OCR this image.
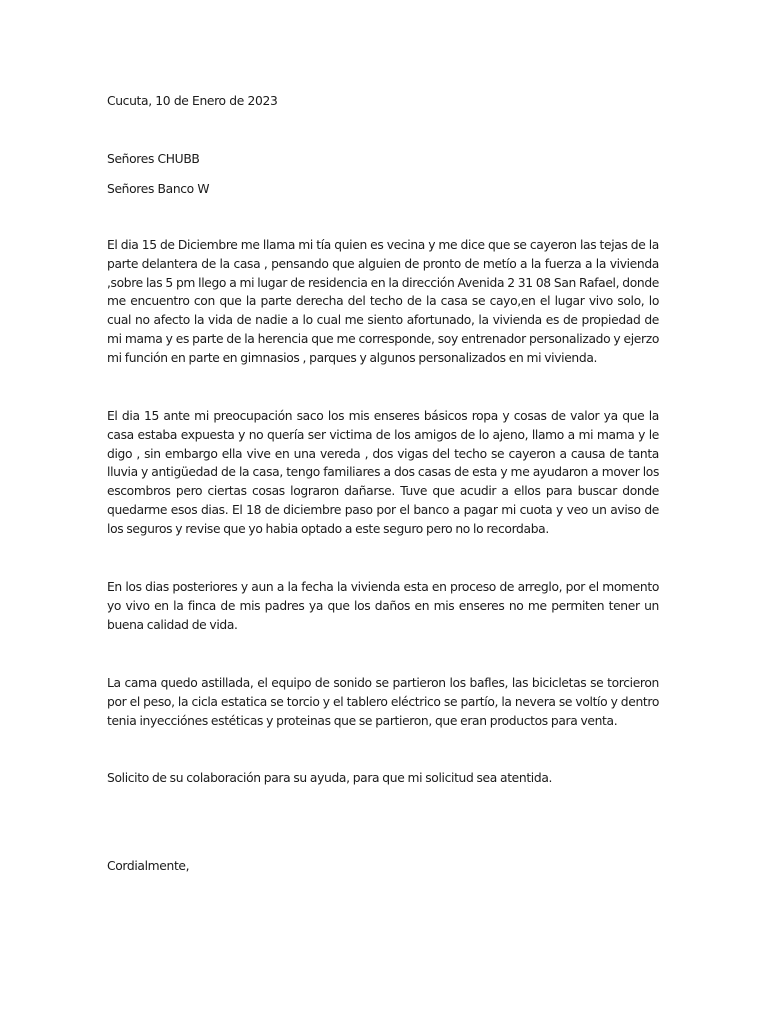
Cucuta, 10 de Enero de 2023
Señores CHUBB
Señores Banco W

El dia 15 de Diciembre me llama mi tía quien es vecina y me dice que se cayeron las tejas de la parte delantera de la casa , pensando que alguien de pronto de metío a la fuerza a la vivienda ,sobre las 5 pm llego a mi lugar de residencia en la dirección Avenida 2 31 08 San Rafael, donde me encuentro con que la parte derecha del techo de la casa se cayo,en el lugar vivo solo, lo cual no afecto la vida de nadie a lo cual me siento afortunado, la vivienda es de propiedad de mi mama y es parte de la herencia que me corresponde, soy entrenador personalizado y ejerzo mi función en parte en gimnasios , parques y algunos personalizados en mi vivienda.

El dia 15 ante mi preocupación saco los mis enseres básicos ropa y cosas de valor ya que la casa estaba expuesta y no quería ser victima de los amigos de lo ajeno, llamo a mi mama y le digo , sin embargo ella vive en una vereda , dos vigas del techo se cayeron a causa de tanta lluvia y antigüedad de la casa, tengo familiares a dos casas de esta y me ayudaron a mover los escombros pero ciertas cosas lograron dañarse. Tuve que acudir a ellos para buscar donde quedarme esos dias. El 18 de diciembre paso por el banco a pagar mi cuota y veo un aviso de los seguros y revise que yo habia optado a este seguro pero no lo recordaba.

En los dias posteriores y aun a la fecha la vivienda esta en proceso de arreglo, por el momento yo vivo en la finca de mis padres ya que los daños en mis enseres no me permiten tener un buena calidad de vida.

La cama quedo astillada, el equipo de sonido se partieron los bafles, las bicicletas se torcieron por el peso, la cicla estatica se torcio y el tablero eléctrico se partío, la nevera se voltío y dentro tenia inyecciónes estéticas y proteinas que se partieron, que eran productos para venta.

Solicito de su colaboración para su ayuda, para que mi solicitud sea atentida.

Cordialmente,
